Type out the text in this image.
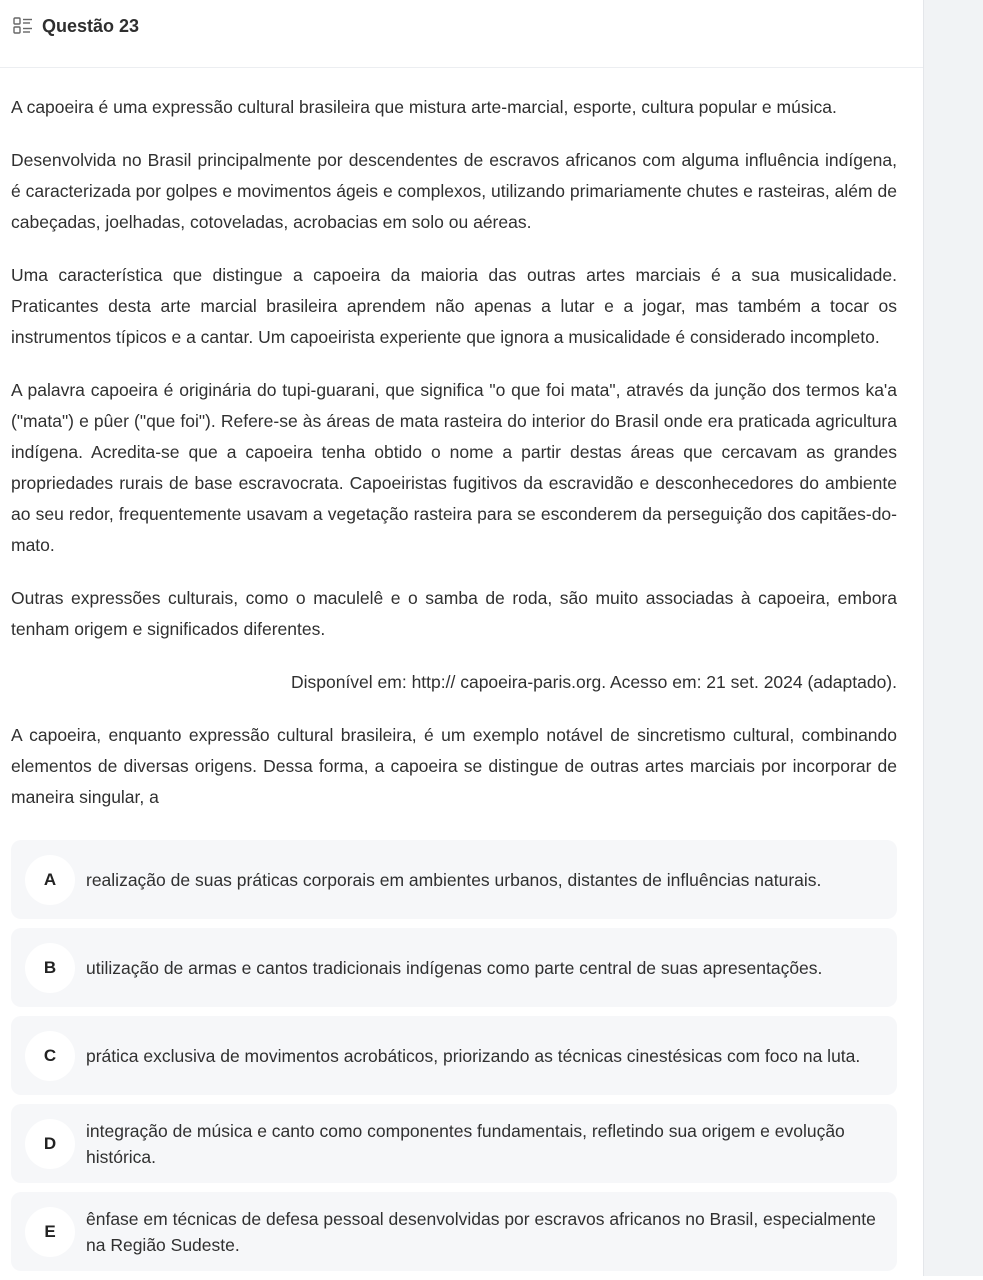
Questão 23

A capoeira é uma expressão cultural brasileira que mistura arte-marcial, esporte, cultura popular e música.

Desenvolvida no Brasil principalmente por descendentes de escravos africanos com alguma influência indígena, é caracterizada por golpes e movimentos ágeis e complexos, utilizando primariamente chutes e rasteiras, além de cabeçadas, joelhadas, cotoveladas, acrobacias em solo ou aéreas.

Uma característica que distingue a capoeira da maioria das outras artes marciais é a sua musicalidade. Praticantes desta arte marcial brasileira aprendem não apenas a lutar e a jogar, mas também a tocar os instrumentos típicos e a cantar. Um capoeirista experiente que ignora a musicalidade é considerado incompleto.

A palavra capoeira é originária do tupi-guarani, que significa "o que foi mata", através da junção dos termos ka'a ("mata") e pûer ("que foi"). Refere-se às áreas de mata rasteira do interior do Brasil onde era praticada agricultura indígena. Acredita-se que a capoeira tenha obtido o nome a partir destas áreas que cercavam as grandes propriedades rurais de base escravocrata. Capoeiristas fugitivos da escravidão e desconhecedores do ambiente ao seu redor, frequentemente usavam a vegetação rasteira para se esconderem da perseguição dos capitães-do-mato.

Outras expressões culturais, como o maculelê e o samba de roda, são muito associadas à capoeira, embora tenham origem e significados diferentes.

Disponível em: http:// capoeira-paris.org. Acesso em: 21 set. 2024 (adaptado).

A capoeira, enquanto expressão cultural brasileira, é um exemplo notável de sincretismo cultural, combinando elementos de diversas origens. Dessa forma, a capoeira se distingue de outras artes marciais por incorporar de maneira singular, a

A	realização de suas práticas corporais em ambientes urbanos, distantes de influências naturais.
B	utilização de armas e cantos tradicionais indígenas como parte central de suas apresentações.
C	prática exclusiva de movimentos acrobáticos, priorizando as técnicas cinestésicas com foco na luta.
D
integração de música e canto como componentes fundamentais, refletindo sua origem e evolução histórica.
E
ênfase em técnicas de defesa pessoal desenvolvidas por escravos africanos no Brasil, especialmente na Região Sudeste.
